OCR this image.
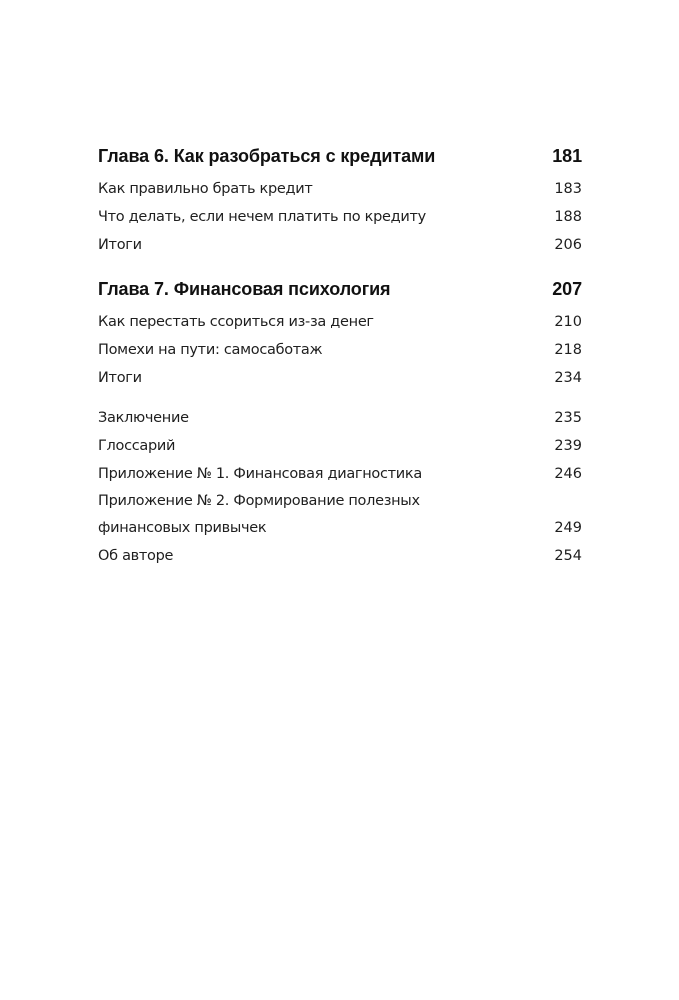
Глава 6. Как разобраться с кредитами	181
Как правильно брать кредит	183
Что делать, если нечем платить по кредиту	188
Итоги	206
Глава 7. Финансовая психология	207
Как перестать ссориться из-за денег	210
Помехи на пути: самосаботаж	218
Итоги	234
Заключение	235
Глоссарий	239
Приложение № 1. Финансовая диагностика	246
Приложение № 2. Формирование полезных
финансовых привычек	249
Об авторе	254
